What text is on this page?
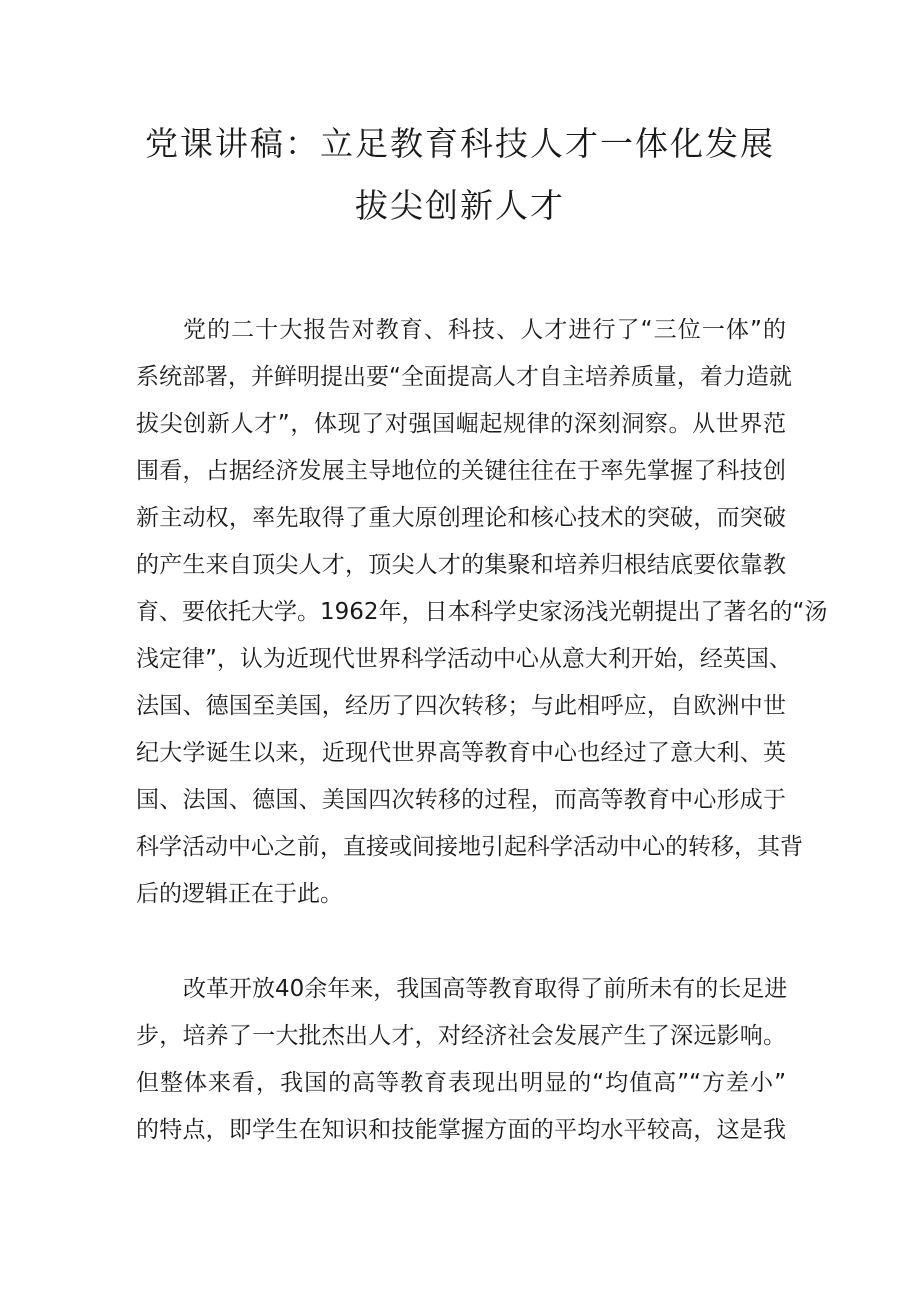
党课讲稿：立足教育科技人才一体化发展
拔尖创新人才
党的二十大报告对教育、科技、人才进行了“三位一体”的
系统部署，并鲜明提出要“全面提高人才自主培养质量，着力造就
拔尖创新人才”，体现了对强国崛起规律的深刻洞察。从世界范
围看，占据经济发展主导地位的关键往往在于率先掌握了科技创
新主动权，率先取得了重大原创理论和核心技术的突破，而突破
的产生来自顶尖人才，顶尖人才的集聚和培养归根结底要依靠教
育、要依托大学。1962年，日本科学史家汤浅光朝提出了著名的“汤
浅定律”，认为近现代世界科学活动中心从意大利开始，经英国、
法国、德国至美国，经历了四次转移；与此相呼应，自欧洲中世
纪大学诞生以来，近现代世界高等教育中心也经过了意大利、英
国、法国、德国、美国四次转移的过程，而高等教育中心形成于
科学活动中心之前，直接或间接地引起科学活动中心的转移，其背
后的逻辑正在于此。
改革开放40余年来，我国高等教育取得了前所未有的长足进
步，培养了一大批杰出人才，对经济社会发展产生了深远影响。
但整体来看，我国的高等教育表现出明显的“均值高”“方差小”
的特点，即学生在知识和技能掌握方面的平均水平较高，这是我
